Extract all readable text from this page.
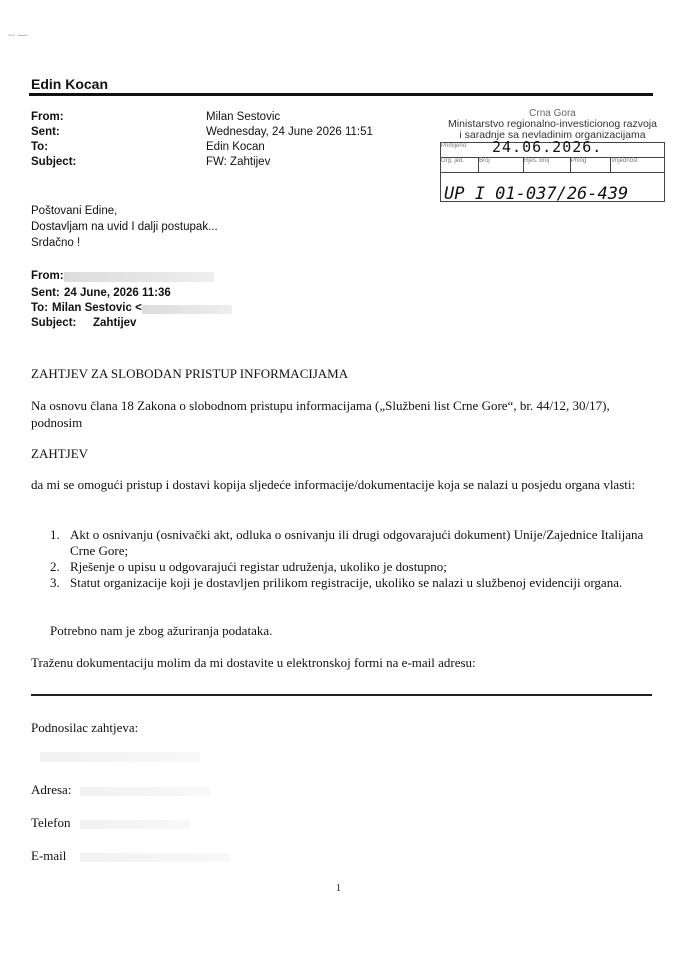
-- —
Edin Kocan
From:	Milan Sestovic
Sent:	Wednesday, 24 June 2026 11:51
To:	Edin Kocan
Subject:	FW: Zahtijev
Crna Gora
Ministarstvo regionalno-investicionog razvoja
i saradnje sa nevladinim organizacijama
Primljeno:
Org. jed.	Broj	Rješ. broj	Prilog	Vrijednost

24.06.2026.
UP I 01-037/26-439
Poštovani Edine,
Dostavljam na uvid I dalji postupak...
Srdačno !
From:
Sent: 24 June, 2026 11:36
To: Milan Sestovic <
Subject: Zahtijev
ZAHTJEV ZA SLOBODAN PRISTUP INFORMACIJAMA
Na osnovu člana 18 Zakona o slobodnom pristupu informacijama („Službeni list Crne Gore“, br. 44/12, 30/17), podnosim
ZAHTJEV
da mi se omogući pristup i dostavi kopija sljedeće informacije/dokumentacije koja se nalazi u posjedu organa vlasti:
1. Akt o osnivanju (osnivački akt, odluka o osnivanju ili drugi odgovarajući dokument) Unije/Zajednice Italijana Crne Gore;
2. Rješenje o upisu u odgovarajući registar udruženja, ukoliko je dostupno;
3. Statut organizacije koji je dostavljen prilikom registracije, ukoliko se nalazi u službenoj evidenciji organa.
Potrebno nam je zbog ažuriranja podataka.
Traženu dokumentaciju molim da mi dostavite u elektronskoj formi na e-mail adresu:
Podnosilac zahtjeva:
Adresa:
Telefon
E-mail
1
